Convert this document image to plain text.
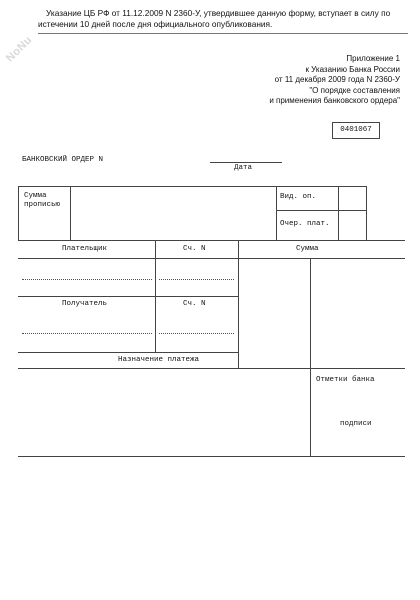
NoNu
Указание ЦБ РФ от 11.12.2009 N 2360-У, утвердившее данную форму, вступает в силу по истечении 10 дней после дня официального опубликования.
Приложение 1
к Указанию Банка России
от 11 декабря 2009 года N 2360-У
"О порядке составления
и применения банковского ордера"
0401067
БАНКОВСКИЙ ОРДЕР N
Дата
Сумма прописью
Вид. оп.
Очер. плат.
Плательщик	Сч. N	Сумма
Получатель	Сч. N
Назначение платежа
Отметки банка
подписи
